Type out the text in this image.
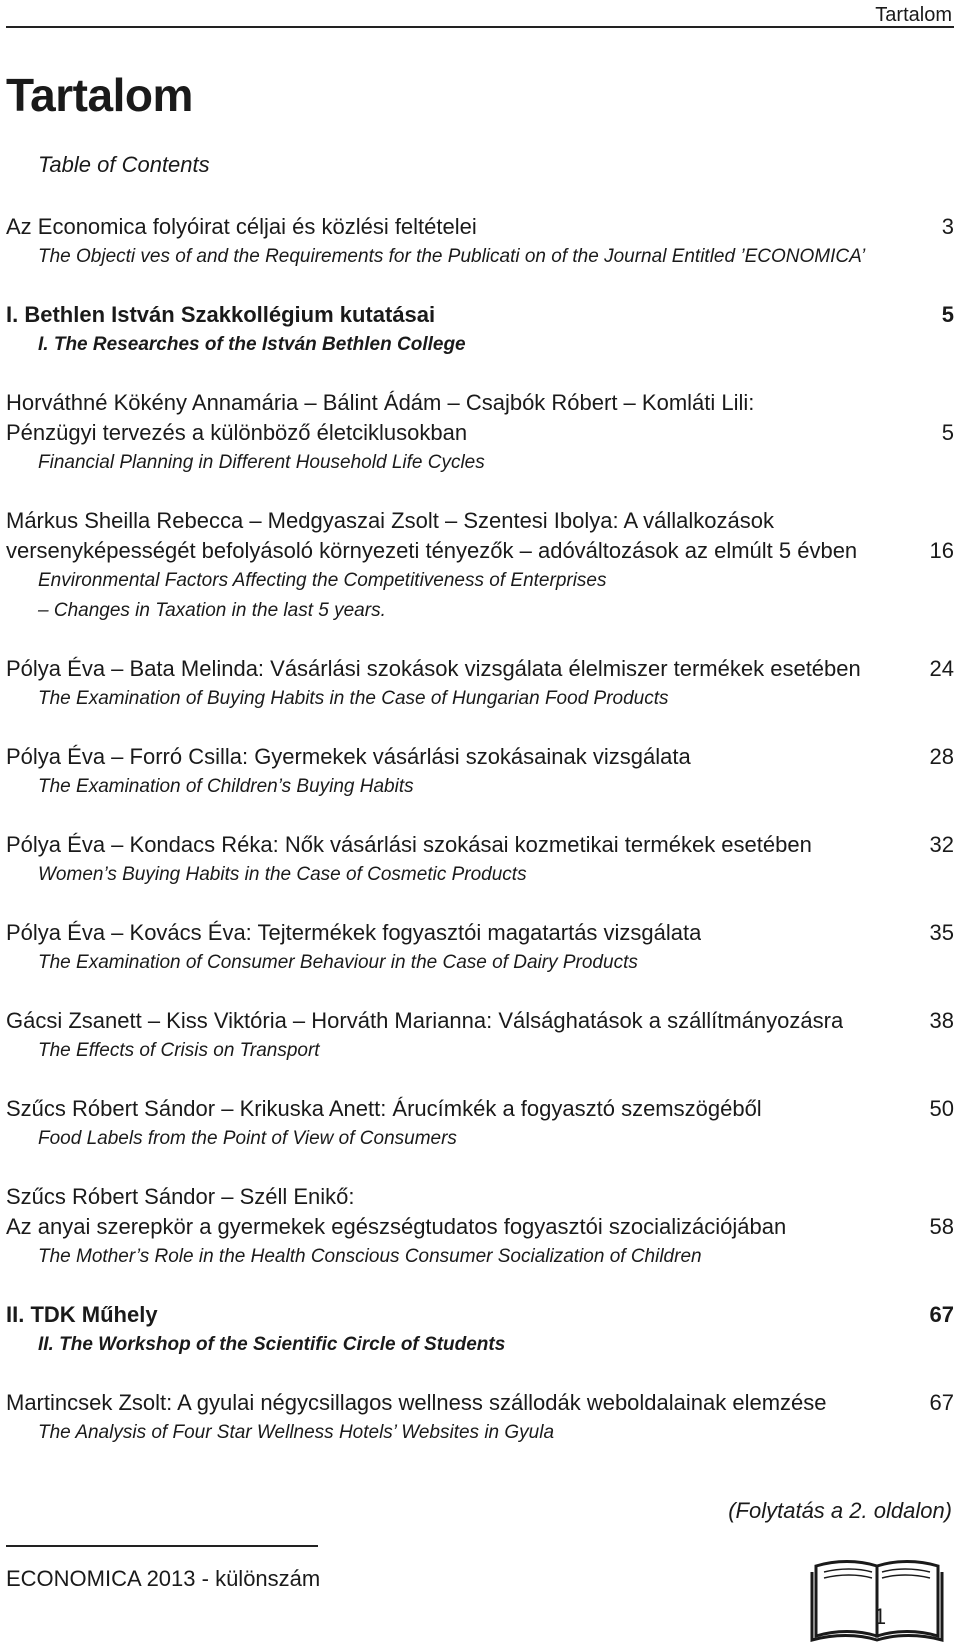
Tartalom
Tartalom
Table of Contents
Az Economica folyóirat céljai és közlési feltételei	3
The Objecti ves of and the Requirements for the Publicati on of the Journal Entitled ’ECONOMICA’
I. Bethlen István Szakkollégium kutatásai	5
I. The Researches of the István Bethlen College
Horváthné Kökény Annamária – Bálint Ádám – Csajbók Róbert – Komláti Lili:
Pénzügyi tervezés a különböző életciklusokban	5
Financial Planning in Different Household Life Cycles
Márkus Sheilla Rebecca – Medgyaszai Zsolt – Szentesi Ibolya: A vállalkozások
versenyképességét befolyásoló környezeti tényezők – adóváltozások az elmúlt 5 évben	16
Environmental Factors Affecting the Competitiveness of Enterprises
– Changes in Taxation in the last 5 years.
Pólya Éva – Bata Melinda: Vásárlási szokások vizsgálata élelmiszer termékek esetében	24
The Examination of Buying Habits in the Case of Hungarian Food Products
Pólya Éva – Forró Csilla: Gyermekek vásárlási szokásainak vizsgálata	28
The Examination of Children’s Buying Habits
Pólya Éva – Kondacs Réka: Nők vásárlási szokásai kozmetikai termékek esetében	32
Women’s Buying Habits in the Case of Cosmetic Products
Pólya Éva – Kovács Éva: Tejtermékek fogyasztói magatartás vizsgálata	35
The Examination of Consumer Behaviour in the Case of Dairy Products
Gácsi Zsanett – Kiss Viktória – Horváth Marianna: Válsághatások a szállítmányozásra	38
The Effects of Crisis on Transport
Szűcs Róbert Sándor – Krikuska Anett: Árucímkék a fogyasztó szemszögéből	50
Food Labels from the Point of View of Consumers
Szűcs Róbert Sándor – Széll Enikő:
Az anyai szerepkör a gyermekek egészségtudatos fogyasztói szocializációjában	58
The Mother’s Role in the Health Conscious Consumer Socialization of Children
II. TDK Műhely	67
II. The Workshop of the Scientific Circle of Students
Martincsek Zsolt: A gyulai négycsillagos wellness szállodák weboldalainak elemzése	67
The Analysis of Four Star Wellness Hotels’ Websites in Gyula
(Folytatás a 2. oldalon)
ECONOMICA 2013 - különszám
1
